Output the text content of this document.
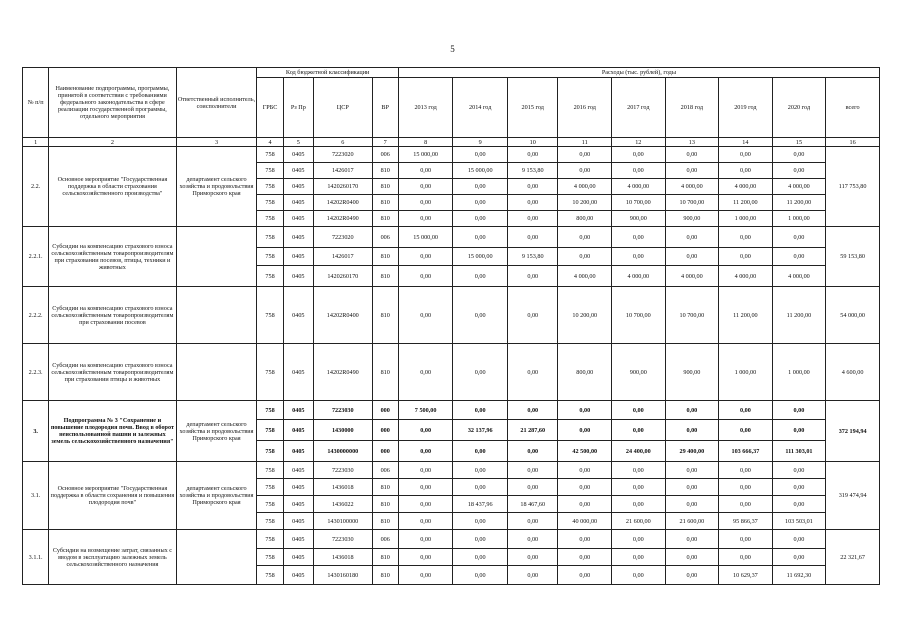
5
№ п/п	Наименование подпрограммы, программы, принятой в соответствии с требованиями федерального законодательства в сфере реализации государственной программы, отдельного мероприятия	Ответственный исполнитель, соисполнители	Код бюджетной классификации				Расходы (тыс. рублей), годы								
			ГРБС	Рз Пр	ЦСР	ВР	2013 год	2014 год	2015 год	2016 год	2017 год	2018 год	2019 год	2020 год	всего
1	2	3	4	5	6	7	8	9	10	11	12	13	14	15	16
2.2.	Основное мероприятие "Государственная поддержка в области страхования сельскохозяйственного производства"	департамент сельского хозяйства и продовольствия Приморского края	758	0405	7223020	006	15 000,00	0,00	0,00	0,00	0,00	0,00	0,00	0,00	117 753,80
			758	0405	1426017	810	0,00	15 000,00	9 153,80	0,00	0,00	0,00	0,00	0,00	
			758	0405	1420260170	810	0,00	0,00	0,00	4 000,00	4 000,00	4 000,00	4 000,00	4 000,00	
			758	0405	14202R0400	810	0,00	0,00	0,00	10 200,00	10 700,00	10 700,00	11 200,00	11 200,00	
			758	0405	14202R0490	810	0,00	0,00	0,00	800,00	900,00	900,00	1 000,00	1 000,00	
2.2.1.	Субсидии на компенсацию страхового взноса сельскохозяйственным товаропроизводителям при страховании посевов, птицы, техники и животных		758	0405	7223020	006	15 000,00	0,00	0,00	0,00	0,00	0,00	0,00	0,00	59 153,80
			758	0405	1426017	810	0,00	15 000,00	9 153,80	0,00	0,00	0,00	0,00	0,00	
			758	0405	1420260170	810	0,00	0,00	0,00	4 000,00	4 000,00	4 000,00	4 000,00	4 000,00	
2.2.2.	Субсидии на компенсацию страхового взноса сельскохозяйственным товаропроизводителям при страховании посевов		758	0405	14202R0400	810	0,00	0,00	0,00	10 200,00	10 700,00	10 700,00	11 200,00	11 200,00	54 000,00
2.2.3.	Субсидии на компенсацию страхового взноса сельскохозяйственным товаропроизводителям при страховании птицы и животных		758	0405	14202R0490	810	0,00	0,00	0,00	800,00	900,00	900,00	1 000,00	1 000,00	4 600,00
3.	Подпрограмма № 3 "Сохранение и повышение плодородия почв. Ввод в оборот неиспользованной пашни и залежных земель сельскохозяйственного назначения"	департамент сельского хозяйства и продовольствия Приморского края	758	0405	7223030	000	7 500,00	0,00	0,00	0,00	0,00	0,00	0,00	0,00	372 194,94
			758	0405	1430000	000	0,00	32 137,96	21 287,60	0,00	0,00	0,00	0,00	0,00	
			758	0405	1430000000	000	0,00	0,00	0,00	42 500,00	24 400,00	29 400,00	103 666,37	111 303,01	
3.1.	Основное мероприятие "Государственная поддержка в области сохранения и повышения плодородия почв"	департамент сельского хозяйства и продовольствия Приморского края	758	0405	7223030	006	0,00	0,00	0,00	0,00	0,00	0,00	0,00	0,00	319 474,94
			758	0405	1436018	810	0,00	0,00	0,00	0,00	0,00	0,00	0,00	0,00	
			758	0405	1436022	810	0,00	18 437,96	18 467,60	0,00	0,00	0,00	0,00	0,00	
			758	0405	1430100000	810	0,00	0,00	0,00	40 000,00	21 600,00	21 600,00	95 866,37	103 503,01	
3.1.1.	Субсидии на возмещение затрат, связанных с вводом в эксплуатацию залежных земель сельскохозяйственного назначения		758	0405	7223030	006	0,00	0,00	0,00	0,00	0,00	0,00	0,00	0,00	22 321,67
			758	0405	1436018	810	0,00	0,00	0,00	0,00	0,00	0,00	0,00	0,00	
			758	0405	1430160180	810	0,00	0,00	0,00	0,00	0,00	0,00	10 629,37	11 692,30	
